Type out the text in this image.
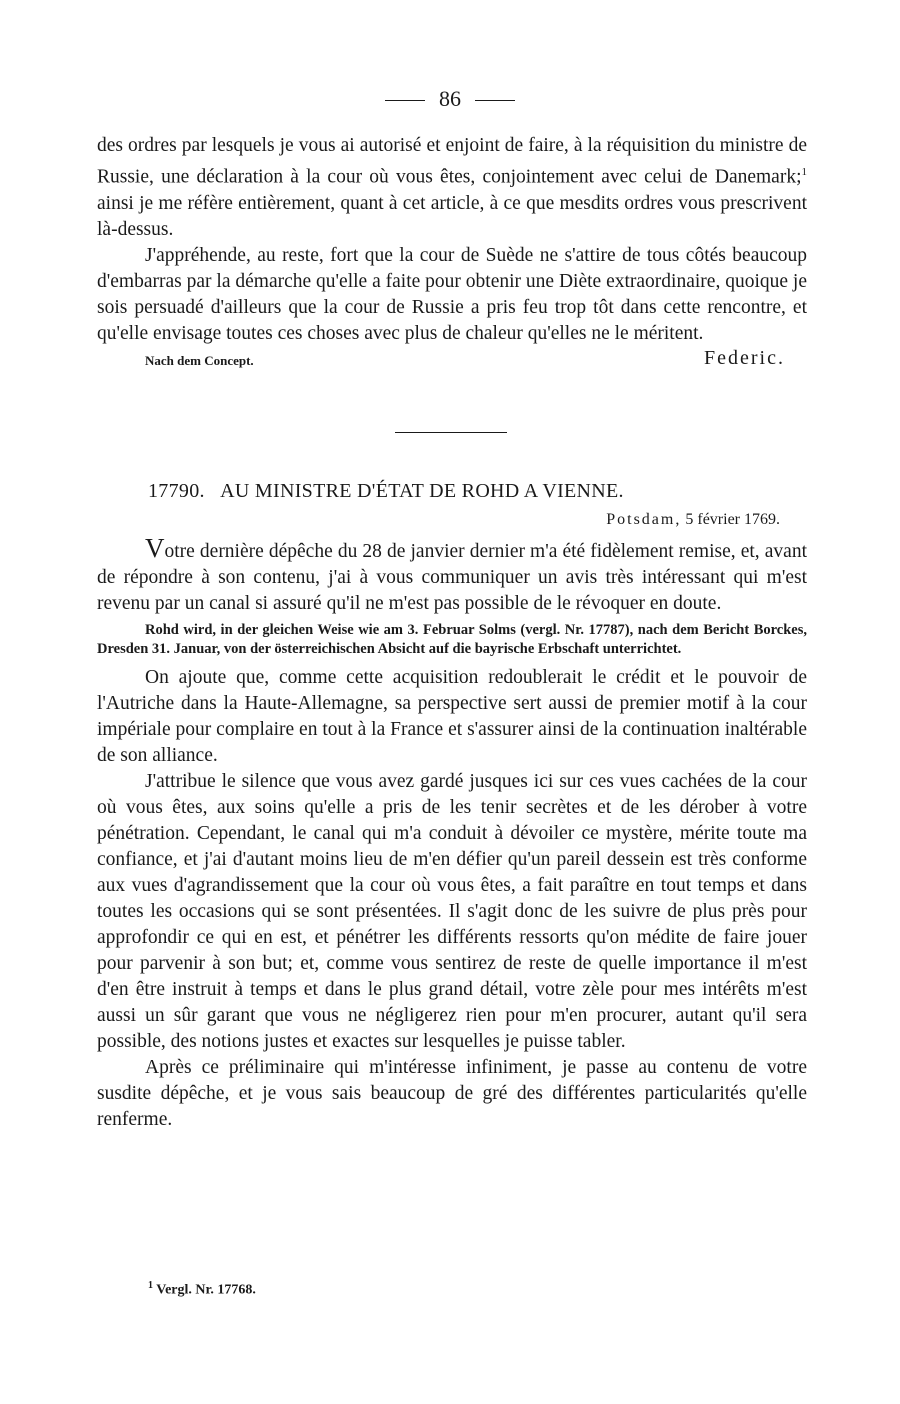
86

des ordres par lesquels je vous ai autorisé et enjoint de faire, à la réquisition du ministre de Russie, une déclaration à la cour où vous êtes, conjointement avec celui de Danemark;$^1$ ainsi je me réfère entièrement, quant à cet article, à ce que mesdits ordres vous prescrivent là-dessus.

J'appréhende, au reste, fort que la cour de Suède ne s'attire de tous côtés beaucoup d'embarras par la démarche qu'elle a faite pour obtenir une Diète extraordinaire, quoique je sois persuadé d'ailleurs que la cour de Russie a pris feu trop tôt dans cette rencontre, et qu'elle envisage toutes ces choses avec plus de chaleur qu'elles ne le méritent.

Nach dem Concept.	Federic.
17790. AU MINISTRE D'ÉTAT DE ROHD A VIENNE.
Potsdam, 5 février 1769.

Votre dernière dépêche du 28 de janvier dernier m'a été fidèlement remise, et, avant de répondre à son contenu, j'ai à vous communiquer un avis très intéressant qui m'est revenu par un canal si assuré qu'il ne m'est pas possible de le révoquer en doute.

Rohd wird, in der gleichen Weise wie am 3. Februar Solms (vergl. Nr. 17787), nach dem Bericht Borckes, Dresden 31. Januar, von der österreichischen Absicht auf die bayrische Erbschaft unterrichtet.

On ajoute que, comme cette acquisition redoublerait le crédit et le pouvoir de l'Autriche dans la Haute-Allemagne, sa perspective sert aussi de premier motif à la cour impériale pour complaire en tout à la France et s'assurer ainsi de la continuation inaltérable de son alliance.

J'attribue le silence que vous avez gardé jusques ici sur ces vues cachées de la cour où vous êtes, aux soins qu'elle a pris de les tenir secrètes et de les dérober à votre pénétration. Cependant, le canal qui m'a conduit à dévoiler ce mystère, mérite toute ma confiance, et j'ai d'autant moins lieu de m'en défier qu'un pareil dessein est très conforme aux vues d'agrandissement que la cour où vous êtes, a fait paraître en tout temps et dans toutes les occasions qui se sont présentées. Il s'agit donc de les suivre de plus près pour approfondir ce qui en est, et pénétrer les différents ressorts qu'on médite de faire jouer pour parvenir à son but; et, comme vous sentirez de reste de quelle importance il m'est d'en être instruit à temps et dans le plus grand détail, votre zèle pour mes intérêts m'est aussi un sûr garant que vous ne négligerez rien pour m'en procurer, autant qu'il sera possible, des notions justes et exactes sur lesquelles je puisse tabler.

Après ce préliminaire qui m'intéresse infiniment, je passe au contenu de votre susdite dépêche, et je vous sais beaucoup de gré des différentes particularités qu'elle renferme.

$^1$ Vergl. Nr. 17768.
